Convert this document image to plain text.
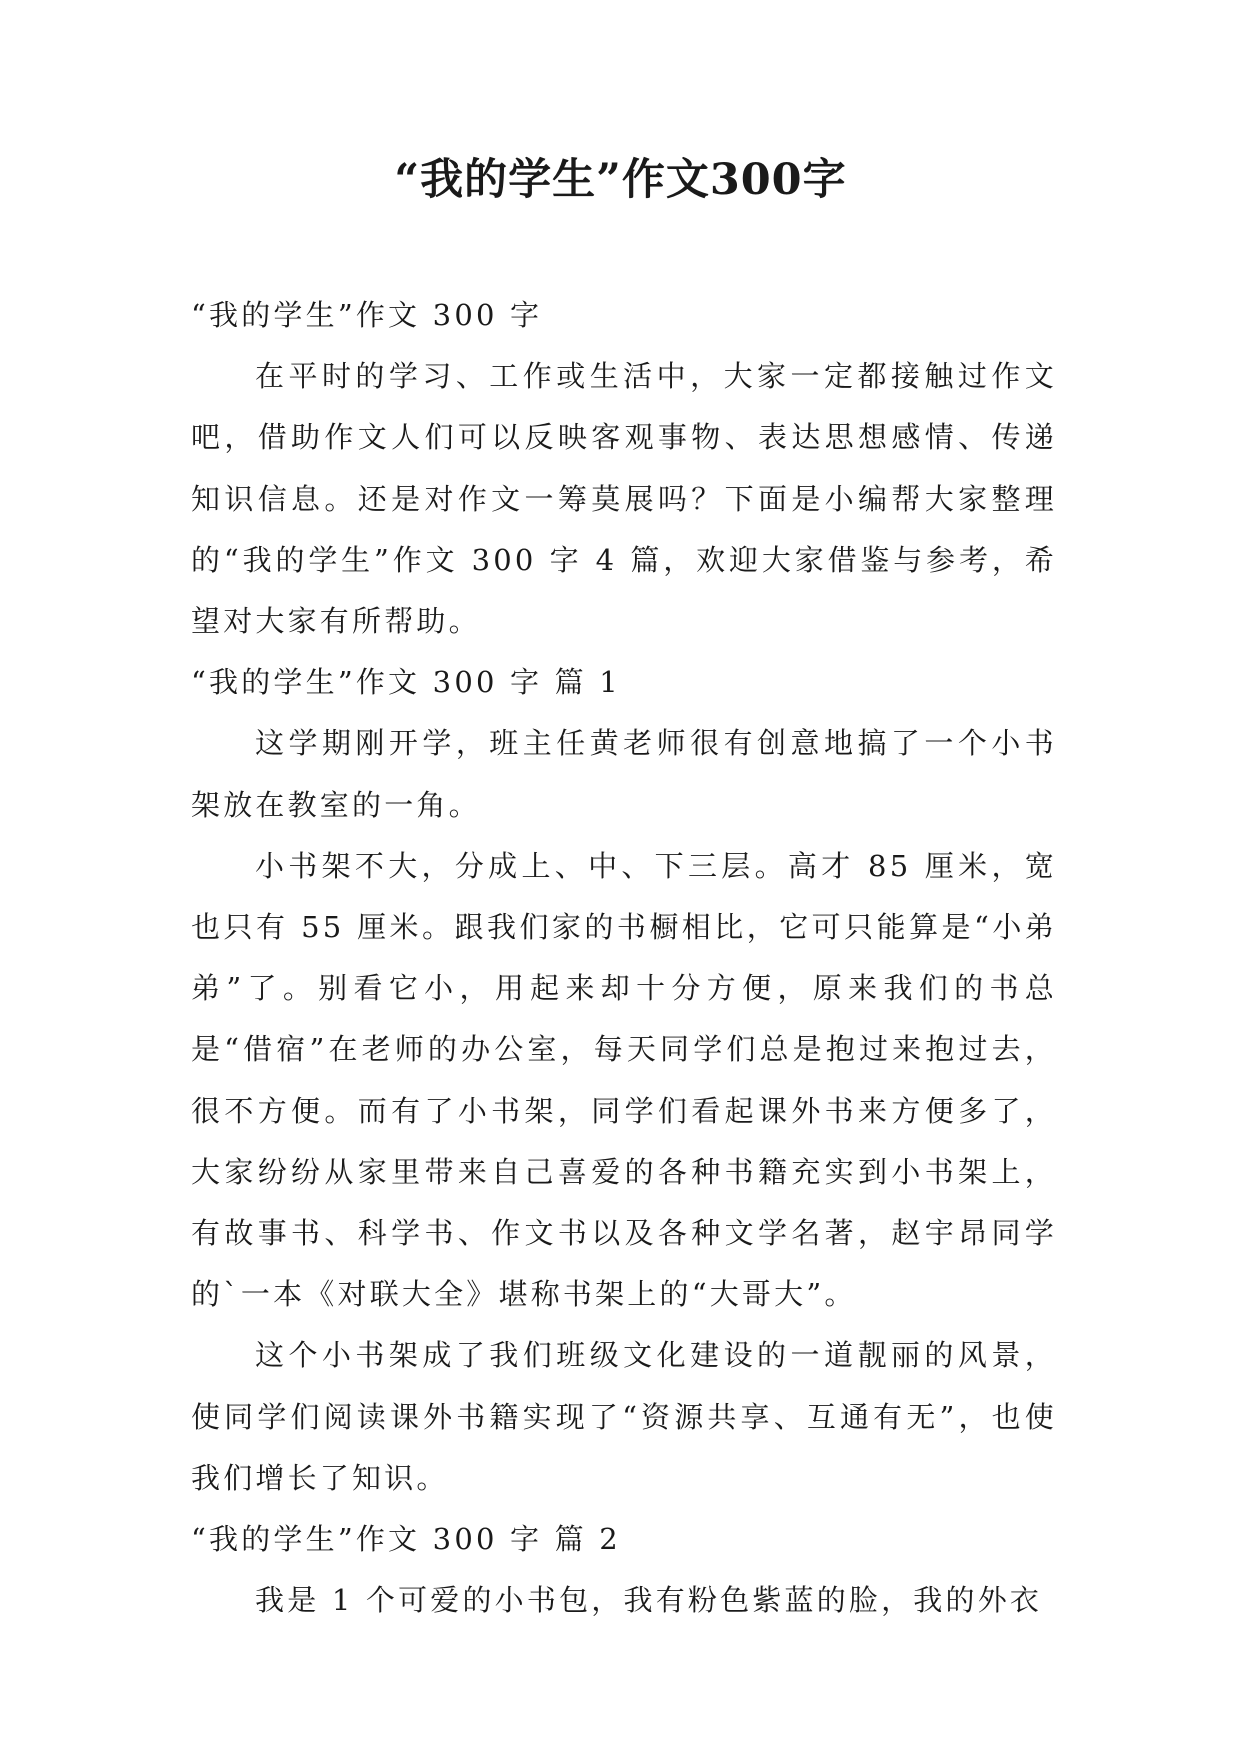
“我的学生”作文300字

“我的学生”作文 300 字

在平时的学习、工作或生活中，大家一定都接触过作文吧，借助作文人们可以反映客观事物、表达思想感情、传递知识信息。还是对作文一筹莫展吗？下面是小编帮大家整理的“我的学生”作文 300 字 4 篇，欢迎大家借鉴与参考，希望对大家有所帮助。

“我的学生”作文 300 字 篇 1

这学期刚开学，班主任黄老师很有创意地搞了一个小书架放在教室的一角。

小书架不大，分成上、中、下三层。高才 85 厘米，宽也只有 55 厘米。跟我们家的书橱相比，它可只能算是“小弟弟”了。别看它小，用起来却十分方便，原来我们的书总是“借宿”在老师的办公室，每天同学们总是抱过来抱过去，很不方便。而有了小书架，同学们看起课外书来方便多了，大家纷纷从家里带来自己喜爱的各种书籍充实到小书架上，有故事书、科学书、作文书以及各种文学名著，赵宇昂同学的`一本《对联大全》堪称书架上的“大哥大”。

这个小书架成了我们班级文化建设的一道靓丽的风景，使同学们阅读课外书籍实现了“资源共享、互通有无”，也使我们增长了知识。

“我的学生”作文 300 字 篇 2

我是 1 个可爱的小书包，我有粉色紫蓝的脸，我的外衣
